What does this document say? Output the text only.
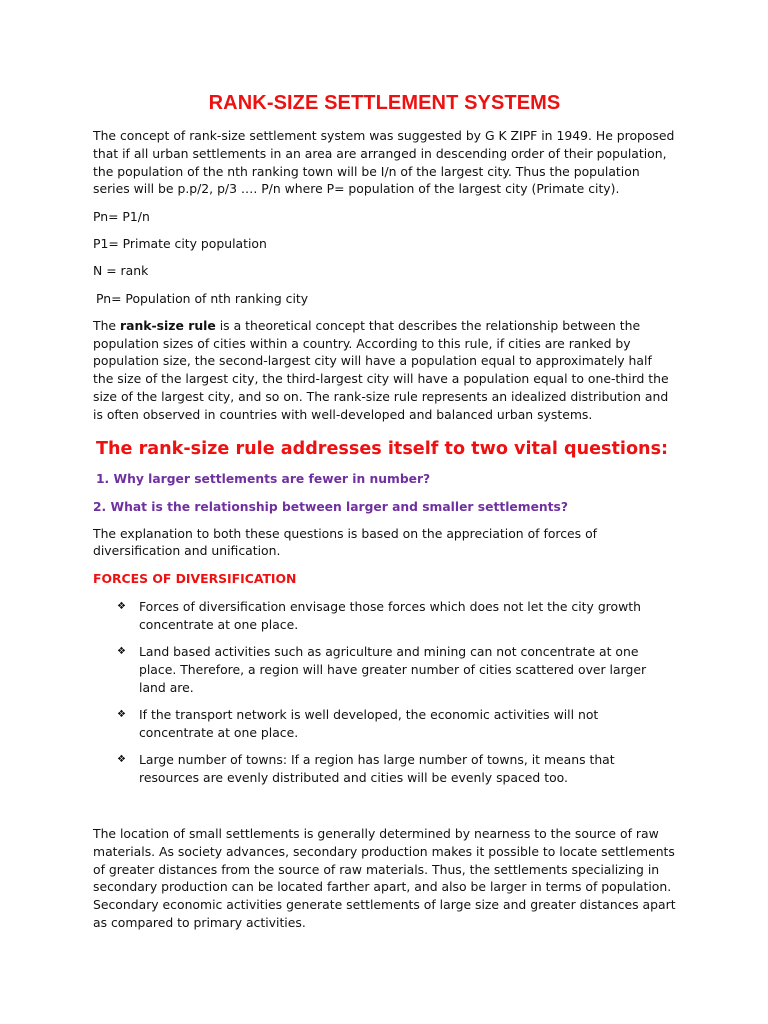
RANK-SIZE SETTLEMENT SYSTEMS

The concept of rank-size settlement system was suggested by G K ZIPF in 1949. He proposed that if all urban settlements in an area are arranged in descending order of their population, the population of the nth ranking town will be I/n of the largest city. Thus the population series will be p.p/2, p/3 …. P/n where P= population of the largest city (Primate city).

Pn= P1/n

P1= Primate city population

N = rank

Pn= Population of nth ranking city

The rank-size rule is a theoretical concept that describes the relationship between the population sizes of cities within a country. According to this rule, if cities are ranked by population size, the second-largest city will have a population equal to approximately half the size of the largest city, the third-largest city will have a population equal to one-third the size of the largest city, and so on. The rank-size rule represents an idealized distribution and is often observed in countries with well-developed and balanced urban systems.

The rank-size rule addresses itself to two vital questions:

1. Why larger settlements are fewer in number?

2. What is the relationship between larger and smaller settlements?

The explanation to both these questions is based on the appreciation of forces of diversification and unification.

FORCES OF DIVERSIFICATION

❖ Forces of diversification envisage those forces which does not let the city growth concentrate at one place.
❖ Land based activities such as agriculture and mining can not concentrate at one place. Therefore, a region will have greater number of cities scattered over larger land are.
❖ If the transport network is well developed, the economic activities will not concentrate at one place.
❖ Large number of towns: If a region has large number of towns, it means that resources are evenly distributed and cities will be evenly spaced too.

The location of small settlements is generally determined by nearness to the source of raw materials. As society advances, secondary production makes it possible to locate settlements of greater distances from the source of raw materials. Thus, the settlements specializing in secondary production can be located farther apart, and also be larger in terms of population. Secondary economic activities generate settlements of large size and greater distances apart as compared to primary activities.
